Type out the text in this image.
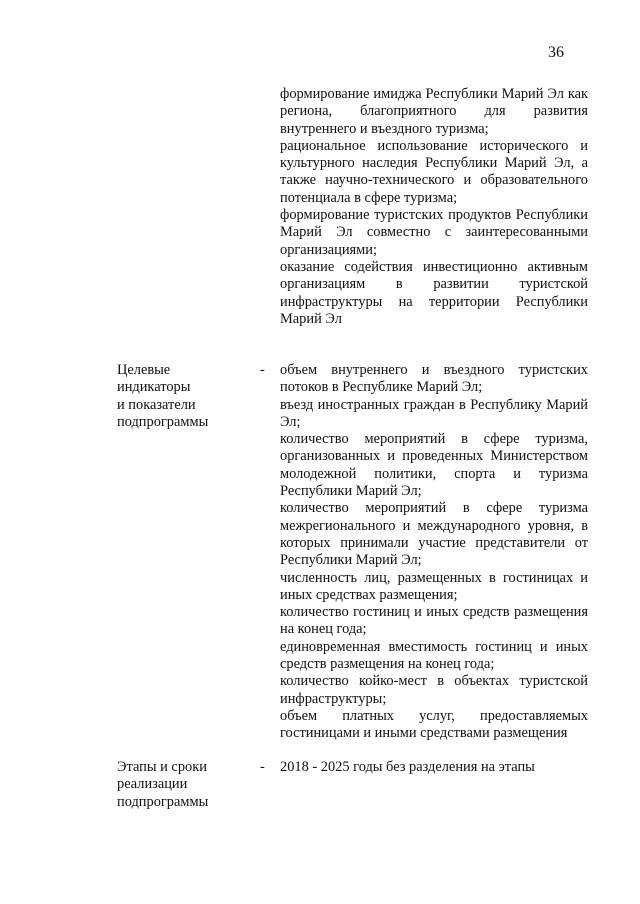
36

формирование имиджа Республики Марий Эл как региона, благоприятного для развития внутреннего и въездного туризма;

рациональное использование исторического и культурного наследия Республики Марий Эл, а также научно-технического и образовательного потенциала в сфере туризма;

формирование туристских продуктов Республики Марий Эл совместно с заинтересованными организациями;

оказание содействия инвестиционно активным организациям в развитии туристской инфраструктуры на территории Республики Марий Эл

Целевые
индикаторы
и показатели
подпрограммы
- объем внутреннего и въездного туристских потоков в Республике Марий Эл;

въезд иностранных граждан в Республику Марий Эл;

количество мероприятий в сфере туризма, организованных и проведенных Министерством молодежной политики, спорта и туризма Республики Марий Эл;

количество мероприятий в сфере туризма межрегионального и международного уровня, в которых принимали участие представители от Республики Марий Эл;

численность лиц, размещенных в гостиницах и иных средствах размещения;

количество гостиниц и иных средств размещения на конец года;

единовременная вместимость гостиниц и иных средств размещения на конец года;

количество койко-мест в объектах туристской инфраструктуры;

объем платных услуг, предоставляемых гостиницами и иными средствами размещения

Этапы и сроки
реализации
подпрограммы
- 2018 - 2025 годы без разделения на этапы
